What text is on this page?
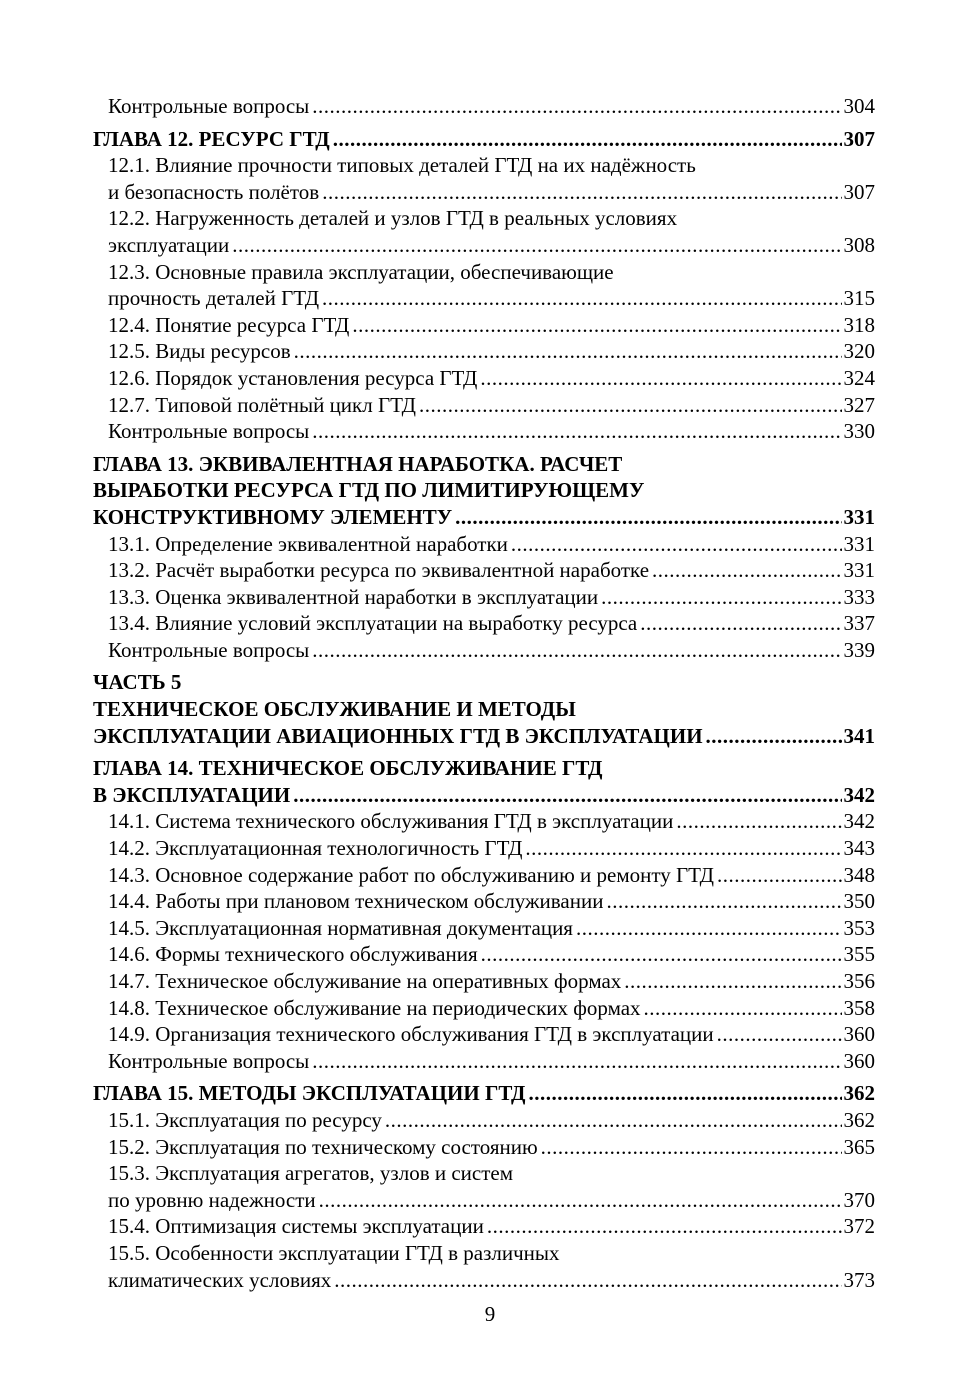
Контрольные вопросы .....	304
ГЛАВА 12. РЕСУРС ГТД .....	307
12.1. Влияние прочности типовых деталей ГТД на их надёжность
и безопасность полётов .....	307
12.2. Нагруженность деталей и узлов ГТД в реальных условиях
эксплуатации .....	308
12.3. Основные правила эксплуатации, обеспечивающие
прочность деталей ГТД .....	315
12.4. Понятие ресурса ГТД .....	318
12.5. Виды ресурсов .....	320
12.6. Порядок установления ресурса ГТД .....	324
12.7. Типовой полётный цикл ГТД .....	327
Контрольные вопросы .....	330
ГЛАВА 13. ЭКВИВАЛЕНТНАЯ НАРАБОТКА. РАСЧЕТ
ВЫРАБОТКИ РЕСУРСА ГТД ПО ЛИМИТИРУЮЩЕМУ
КОНСТРУКТИВНОМУ ЭЛЕМЕНТУ .....	331
13.1. Определение эквивалентной наработки .....	331
13.2. Расчёт выработки ресурса по эквивалентной наработке .....	331
13.3. Оценка эквивалентной наработки в эксплуатации .....	333
13.4. Влияние условий эксплуатации на выработку ресурса .....	337
Контрольные вопросы .....	339
ЧАСТЬ 5
ТЕХНИЧЕСКОЕ ОБСЛУЖИВАНИЕ И МЕТОДЫ
ЭКСПЛУАТАЦИИ АВИАЦИОННЫХ ГТД В ЭКСПЛУАТАЦИИ .....	341
ГЛАВА 14. ТЕХНИЧЕСКОЕ ОБСЛУЖИВАНИЕ ГТД
В ЭКСПЛУАТАЦИИ .....	342
14.1. Система технического обслуживания ГТД в эксплуатации .....	342
14.2. Эксплуатационная технологичность ГТД .....	343
14.3. Основное содержание работ по обслуживанию и ремонту ГТД .....	348
14.4. Работы при плановом техническом обслуживании .....	350
14.5. Эксплуатационная нормативная документация .....	353
14.6. Формы технического обслуживания .....	355
14.7. Техническое обслуживание на оперативных формах .....	356
14.8. Техническое обслуживание на периодических формах .....	358
14.9. Организация технического обслуживания ГТД в эксплуатации .....	360
Контрольные вопросы .....	360
ГЛАВА 15. МЕТОДЫ ЭКСПЛУАТАЦИИ ГТД .....	362
15.1. Эксплуатация по ресурсу .....	362
15.2. Эксплуатация по техническому состоянию .....	365
15.3. Эксплуатация агрегатов, узлов и систем
по уровню надежности .....	370
15.4. Оптимизация системы эксплуатации .....	372
15.5. Особенности эксплуатации ГТД в различных
климатических условиях .....	373
9
